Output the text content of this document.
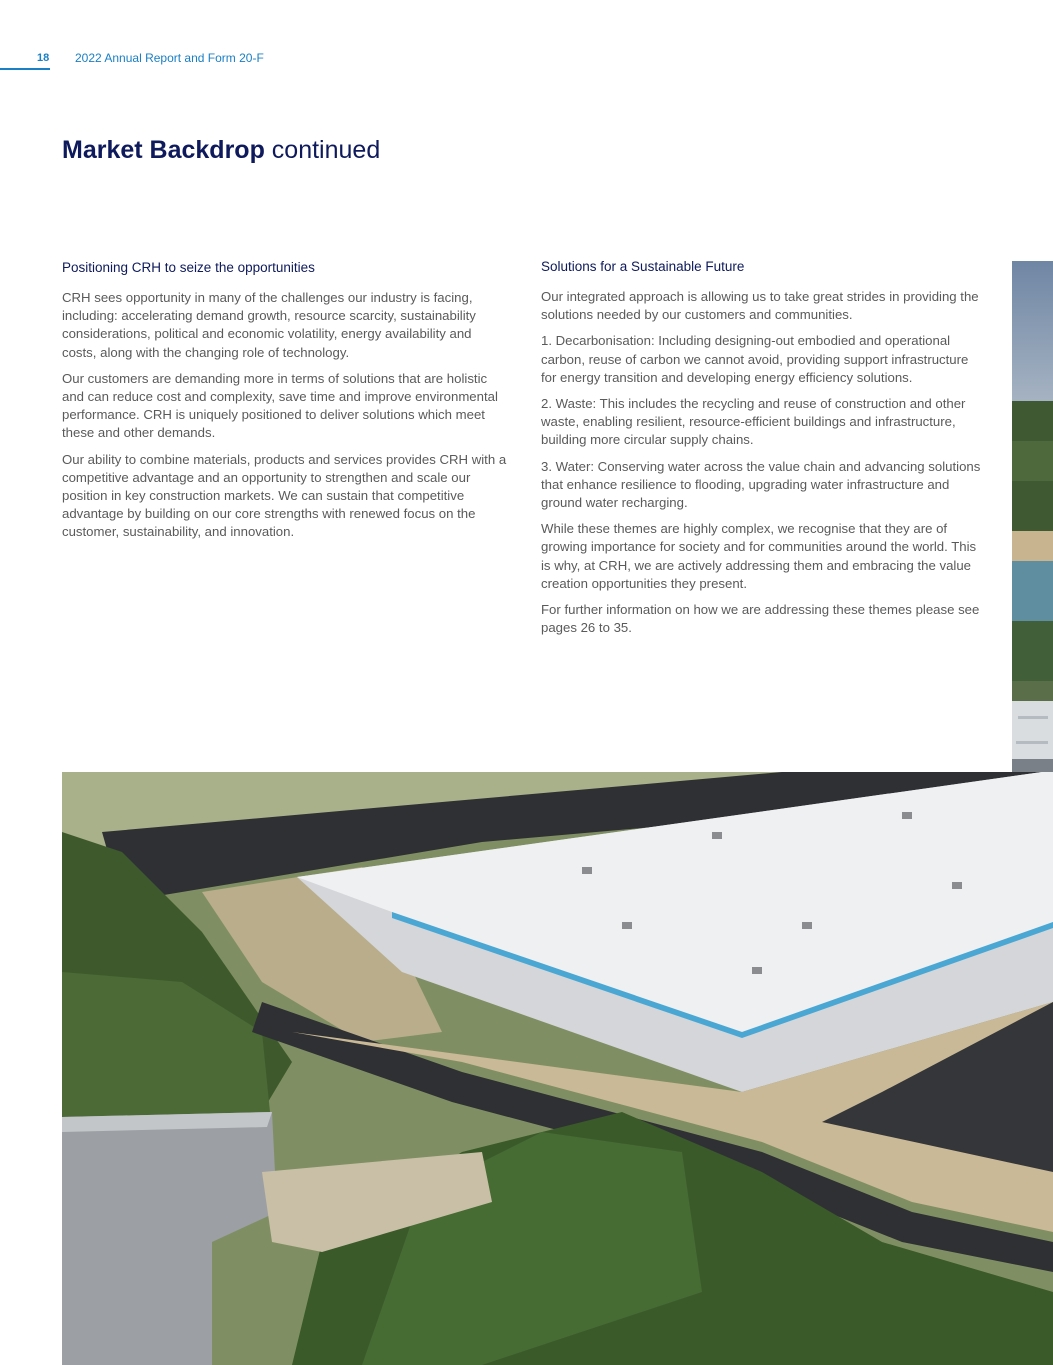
18 2022 Annual Report and Form 20-F
Market Backdrop continued
Positioning CRH to seize the opportunities

CRH sees opportunity in many of the challenges our industry is facing, including: accelerating demand growth, resource scarcity, sustainability considerations, political and economic volatility, energy availability and costs, along with the changing role of technology.

Our customers are demanding more in terms of solutions that are holistic and can reduce cost and complexity, save time and improve environmental performance. CRH is uniquely positioned to deliver solutions which meet these and other demands.

Our ability to combine materials, products and services provides CRH with a competitive advantage and an opportunity to strengthen and scale our position in key construction markets. We can sustain that competitive advantage by building on our core strengths with renewed focus on the customer, sustainability, and innovation.

Solutions for a Sustainable Future

Our integrated approach is allowing us to take great strides in providing the solutions needed by our customers and communities.

1. Decarbonisation: Including designing-out embodied and operational carbon, reuse of carbon we cannot avoid, providing support infrastructure for energy transition and developing energy efficiency solutions.

2. Waste: This includes the recycling and reuse of construction and other waste, enabling resilient, resource-efficient buildings and infrastructure, building more circular supply chains.

3. Water: Conserving water across the value chain and advancing solutions that enhance resilience to flooding, upgrading water infrastructure and ground water recharging.

While these themes are highly complex, we recognise that they are of growing importance for society and for communities around the world. This is why, at CRH, we are actively addressing them and embracing the value creation opportunities they present.

For further information on how we are addressing these themes please see pages 26 to 35.
